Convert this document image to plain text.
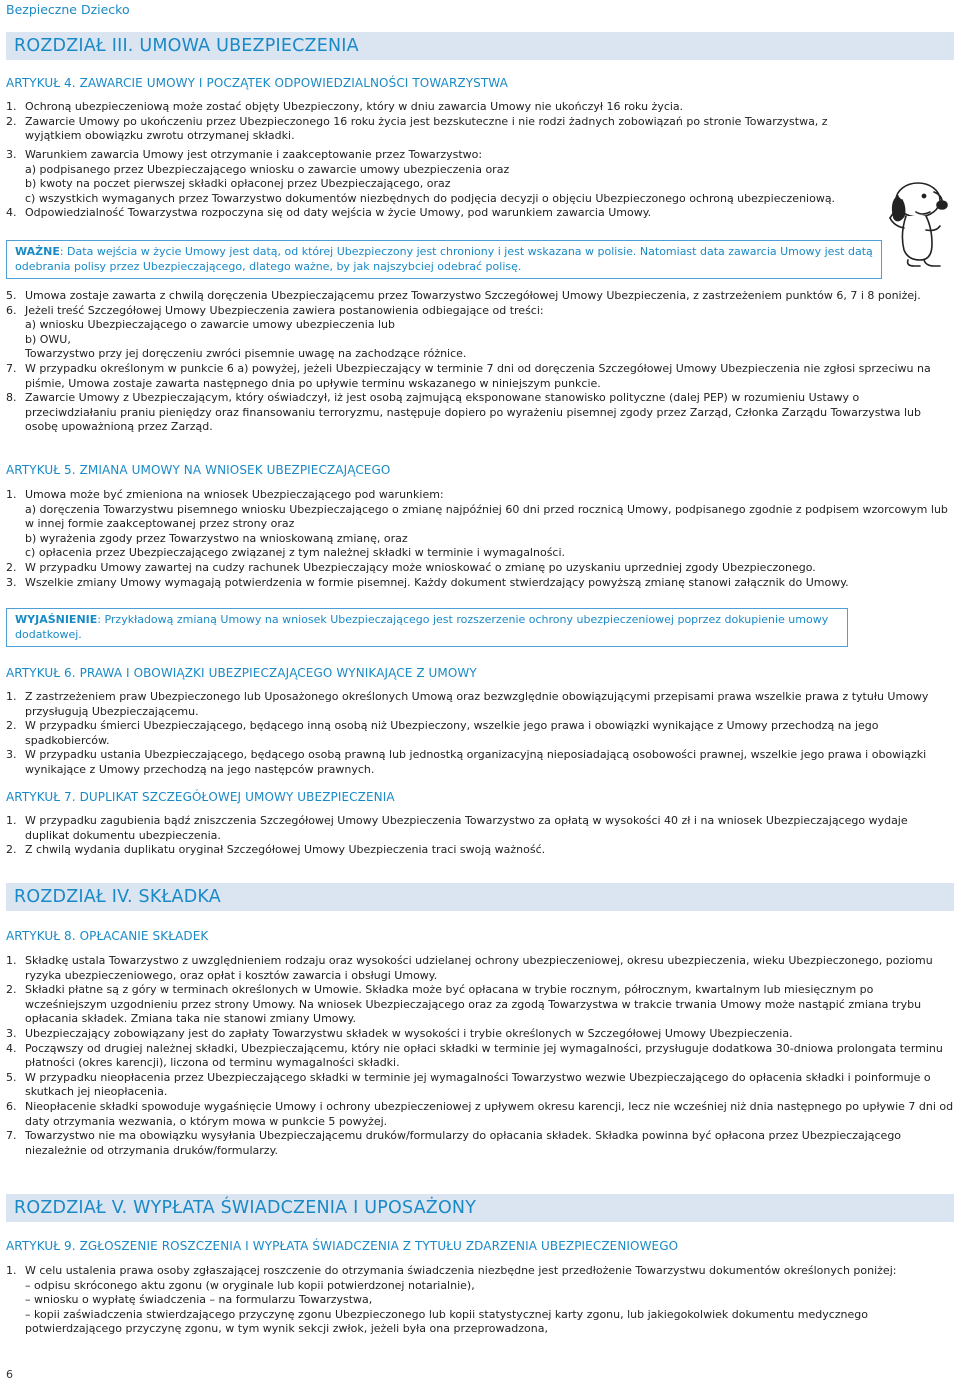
Bezpieczne Dziecko
ROZDZIAŁ III. UMOWA UBEZPIECZENIA
ARTYKUŁ 4. ZAWARCIE UMOWY I POCZĄTEK ODPOWIEDZIALNOŚCI TOWARZYSTWA
1. Ochroną ubezpieczeniową może zostać objęty Ubezpieczony, który w dniu zawarcia Umowy nie ukończył 16 roku życia.
2. Zawarcie Umowy po ukończeniu przez Ubezpieczonego 16 roku życia jest bezskuteczne i nie rodzi żadnych zobowiązań po stronie Towarzystwa, z wyjątkiem obowiązku zwrotu otrzymanej składki.
3. Warunkiem zawarcia Umowy jest otrzymanie i zaakceptowanie przez Towarzystwo:
a) podpisanego przez Ubezpieczającego wniosku o zawarcie umowy ubezpieczenia oraz
b) kwoty na poczet pierwszej składki opłaconej przez Ubezpieczającego, oraz
c) wszystkich wymaganych przez Towarzystwo dokumentów niezbędnych do podjęcia decyzji o objęciu Ubezpieczonego ochroną ubezpieczeniową.
4. Odpowiedzialność Towarzystwa rozpoczyna się od daty wejścia w życie Umowy, pod warunkiem zawarcia Umowy.
WAŻNE: Data wejścia w życie Umowy jest datą, od której Ubezpieczony jest chroniony i jest wskazana w polisie. Natomiast data zawarcia Umowy jest datą odebrania polisy przez Ubezpieczającego, dlatego ważne, by jak najszybciej odebrać polisę.
5. Umowa zostaje zawarta z chwilą doręczenia Ubezpieczającemu przez Towarzystwo Szczegółowej Umowy Ubezpieczenia, z zastrzeżeniem punktów 6, 7 i 8 poniżej.
6. Jeżeli treść Szczegółowej Umowy Ubezpieczenia zawiera postanowienia odbiegające od treści:
a) wniosku Ubezpieczającego o zawarcie umowy ubezpieczenia lub
b) OWU,
Towarzystwo przy jej doręczeniu zwróci pisemnie uwagę na zachodzące różnice.
7. W przypadku określonym w punkcie 6 a) powyżej, jeżeli Ubezpieczający w terminie 7 dni od doręczenia Szczegółowej Umowy Ubezpieczenia nie zgłosi sprzeciwu na piśmie, Umowa zostaje zawarta następnego dnia po upływie terminu wskazanego w niniejszym punkcie.
8. Zawarcie Umowy z Ubezpieczającym, który oświadczył, iż jest osobą zajmującą eksponowane stanowisko polityczne (dalej PEP) w rozumieniu Ustawy o przeciwdziałaniu praniu pieniędzy oraz finansowaniu terroryzmu, następuje dopiero po wyrażeniu pisemnej zgody przez Zarząd, Członka Zarządu Towarzystwa lub osobę upoważnioną przez Zarząd.
ARTYKUŁ 5. ZMIANA UMOWY NA WNIOSEK UBEZPIECZAJĄCEGO
1. Umowa może być zmieniona na wniosek Ubezpieczającego pod warunkiem:
a) doręczenia Towarzystwu pisemnego wniosku Ubezpieczającego o zmianę najpóźniej 60 dni przed rocznicą Umowy, podpisanego zgodnie z podpisem wzorcowym lub w innej formie zaakceptowanej przez strony oraz
b) wyrażenia zgody przez Towarzystwo na wnioskowaną zmianę, oraz
c) opłacenia przez Ubezpieczającego związanej z tym należnej składki w terminie i wymagalności.
2. W przypadku Umowy zawartej na cudzy rachunek Ubezpieczający może wnioskować o zmianę po uzyskaniu uprzedniej zgody Ubezpieczonego.
3. Wszelkie zmiany Umowy wymagają potwierdzenia w formie pisemnej. Każdy dokument stwierdzający powyższą zmianę stanowi załącznik do Umowy.
WYJAŚNIENIE: Przykładową zmianą Umowy na wniosek Ubezpieczającego jest rozszerzenie ochrony ubezpieczeniowej poprzez dokupienie umowy dodatkowej.
ARTYKUŁ 6. PRAWA I OBOWIĄZKI UBEZPIECZAJĄCEGO WYNIKAJĄCE Z UMOWY
1. Z zastrzeżeniem praw Ubezpieczonego lub Uposażonego określonych Umową oraz bezwzględnie obowiązującymi przepisami prawa wszelkie prawa z tytułu Umowy przysługują Ubezpieczającemu.
2. W przypadku śmierci Ubezpieczającego, będącego inną osobą niż Ubezpieczony, wszelkie jego prawa i obowiązki wynikające z Umowy przechodzą na jego spadkobierców.
3. W przypadku ustania Ubezpieczającego, będącego osobą prawną lub jednostką organizacyjną nieposiadającą osobowości prawnej, wszelkie jego prawa i obowiązki wynikające z Umowy przechodzą na jego następców prawnych.
ARTYKUŁ 7. DUPLIKAT SZCZEGÓŁOWEJ UMOWY UBEZPIECZENIA
1. W przypadku zagubienia bądź zniszczenia Szczegółowej Umowy Ubezpieczenia Towarzystwo za opłatą w wysokości 40 zł i na wniosek Ubezpieczającego wydaje duplikat dokumentu ubezpieczenia.
2. Z chwilą wydania duplikatu oryginał Szczegółowej Umowy Ubezpieczenia traci swoją ważność.
ROZDZIAŁ IV. SKŁADKA
ARTYKUŁ 8. OPŁACANIE SKŁADEK
1. Składkę ustala Towarzystwo z uwzględnieniem rodzaju oraz wysokości udzielanej ochrony ubezpieczeniowej, okresu ubezpieczenia, wieku Ubezpieczonego, poziomu ryzyka ubezpieczeniowego, oraz opłat i kosztów zawarcia i obsługi Umowy.
2. Składki płatne są z góry w terminach określonych w Umowie. Składka może być opłacana w trybie rocznym, półrocznym, kwartalnym lub miesięcznym po wcześniejszym uzgodnieniu przez strony Umowy. Na wniosek Ubezpieczającego oraz za zgodą Towarzystwa w trakcie trwania Umowy może nastąpić zmiana trybu opłacania składek. Zmiana taka nie stanowi zmiany Umowy.
3. Ubezpieczający zobowiązany jest do zapłaty Towarzystwu składek w wysokości i trybie określonych w Szczegółowej Umowy Ubezpieczenia.
4. Począwszy od drugiej należnej składki, Ubezpieczającemu, który nie opłaci składki w terminie jej wymagalności, przysługuje dodatkowa 30-dniowa prolongata terminu płatności (okres karencji), liczona od terminu wymagalności składki.
5. W przypadku nieopłacenia przez Ubezpieczającego składki w terminie jej wymagalności Towarzystwo wezwie Ubezpieczającego do opłacenia składki i poinformuje o skutkach jej nieopłacenia.
6. Nieopłacenie składki spowoduje wygaśnięcie Umowy i ochrony ubezpieczeniowej z upływem okresu karencji, lecz nie wcześniej niż dnia następnego po upływie 7 dni od daty otrzymania wezwania, o którym mowa w punkcie 5 powyżej.
7. Towarzystwo nie ma obowiązku wysyłania Ubezpieczającemu druków/formularzy do opłacania składek. Składka powinna być opłacona przez Ubezpieczającego niezależnie od otrzymania druków/formularzy.
ROZDZIAŁ V. WYPŁATA ŚWIADCZENIA I UPOSAŻONY
ARTYKUŁ 9. ZGŁOSZENIE ROSZCZENIA I WYPŁATA ŚWIADCZENIA Z TYTUŁU ZDARZENIA UBEZPIECZENIOWEGO
1. W celu ustalenia prawa osoby zgłaszającej roszczenie do otrzymania świadczenia niezbędne jest przedłożenie Towarzystwu dokumentów określonych poniżej:
– odpisu skróconego aktu zgonu (w oryginale lub kopii potwierdzonej notarialnie),
– wniosku o wypłatę świadczenia – na formularzu Towarzystwa,
– kopii zaświadczenia stwierdzającego przyczynę zgonu Ubezpieczonego lub kopii statystycznej karty zgonu, lub jakiegokolwiek dokumentu medycznego potwierdzającego przyczynę zgonu, w tym wynik sekcji zwłok, jeżeli była ona przeprowadzona,
6
